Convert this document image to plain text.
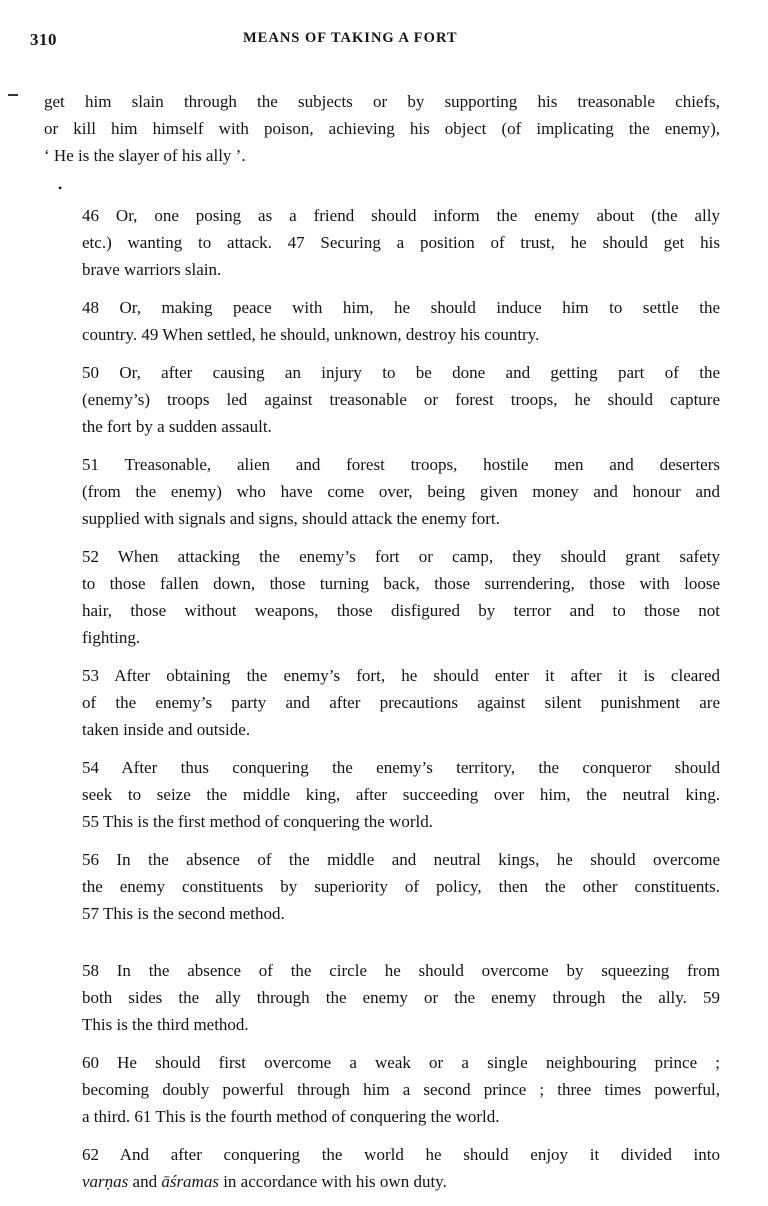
310	MEANS OF TAKING A FORT

get him slain through the subjects or by supporting his treasonable chiefs,
or kill him himself with poison, achieving his object (of implicating the enemy),
‘ He is the slayer of his ally ’.

•

46 Or, one posing as a friend should inform the enemy about (the ally
etc.) wanting to attack. 47 Securing a position of trust, he should get his
brave warriors slain.

48 Or, making peace with him, he should induce him to settle the
country. 49 When settled, he should, unknown, destroy his country.

50 Or, after causing an injury to be done and getting part of the
(enemy’s) troops led against treasonable or forest troops, he should capture
the fort by a sudden assault.

51 Treasonable, alien and forest troops, hostile men and deserters
(from the enemy) who have come over, being given money and honour and
supplied with signals and signs, should attack the enemy fort.

52 When attacking the enemy’s fort or camp, they should grant safety
to those fallen down, those turning back, those surrendering, those with loose
hair, those without weapons, those disfigured by terror and to those not
fighting.

53 After obtaining the enemy’s fort, he should enter it after it is cleared
of the enemy’s party and after precautions against silent punishment are
taken inside and outside.

54 After thus conquering the enemy’s territory, the conqueror should
seek to seize the middle king, after succeeding over him, the neutral king.
55 This is the first method of conquering the world.

56 In the absence of the middle and neutral kings, he should overcome
the enemy constituents by superiority of policy, then the other constituents.
57 This is the second method.

58 In the absence of the circle he should overcome by squeezing from
both sides the ally through the enemy or the enemy through the ally. 59
This is the third method.

60 He should first overcome a weak or a single neighbouring prince ;
becoming doubly powerful through him a second prince ; three times powerful,
a third. 61 This is the fourth method of conquering the world.

62 And after conquering the world he should enjoy it divided into
varṇas and āśramas in accordance with his own duty.
